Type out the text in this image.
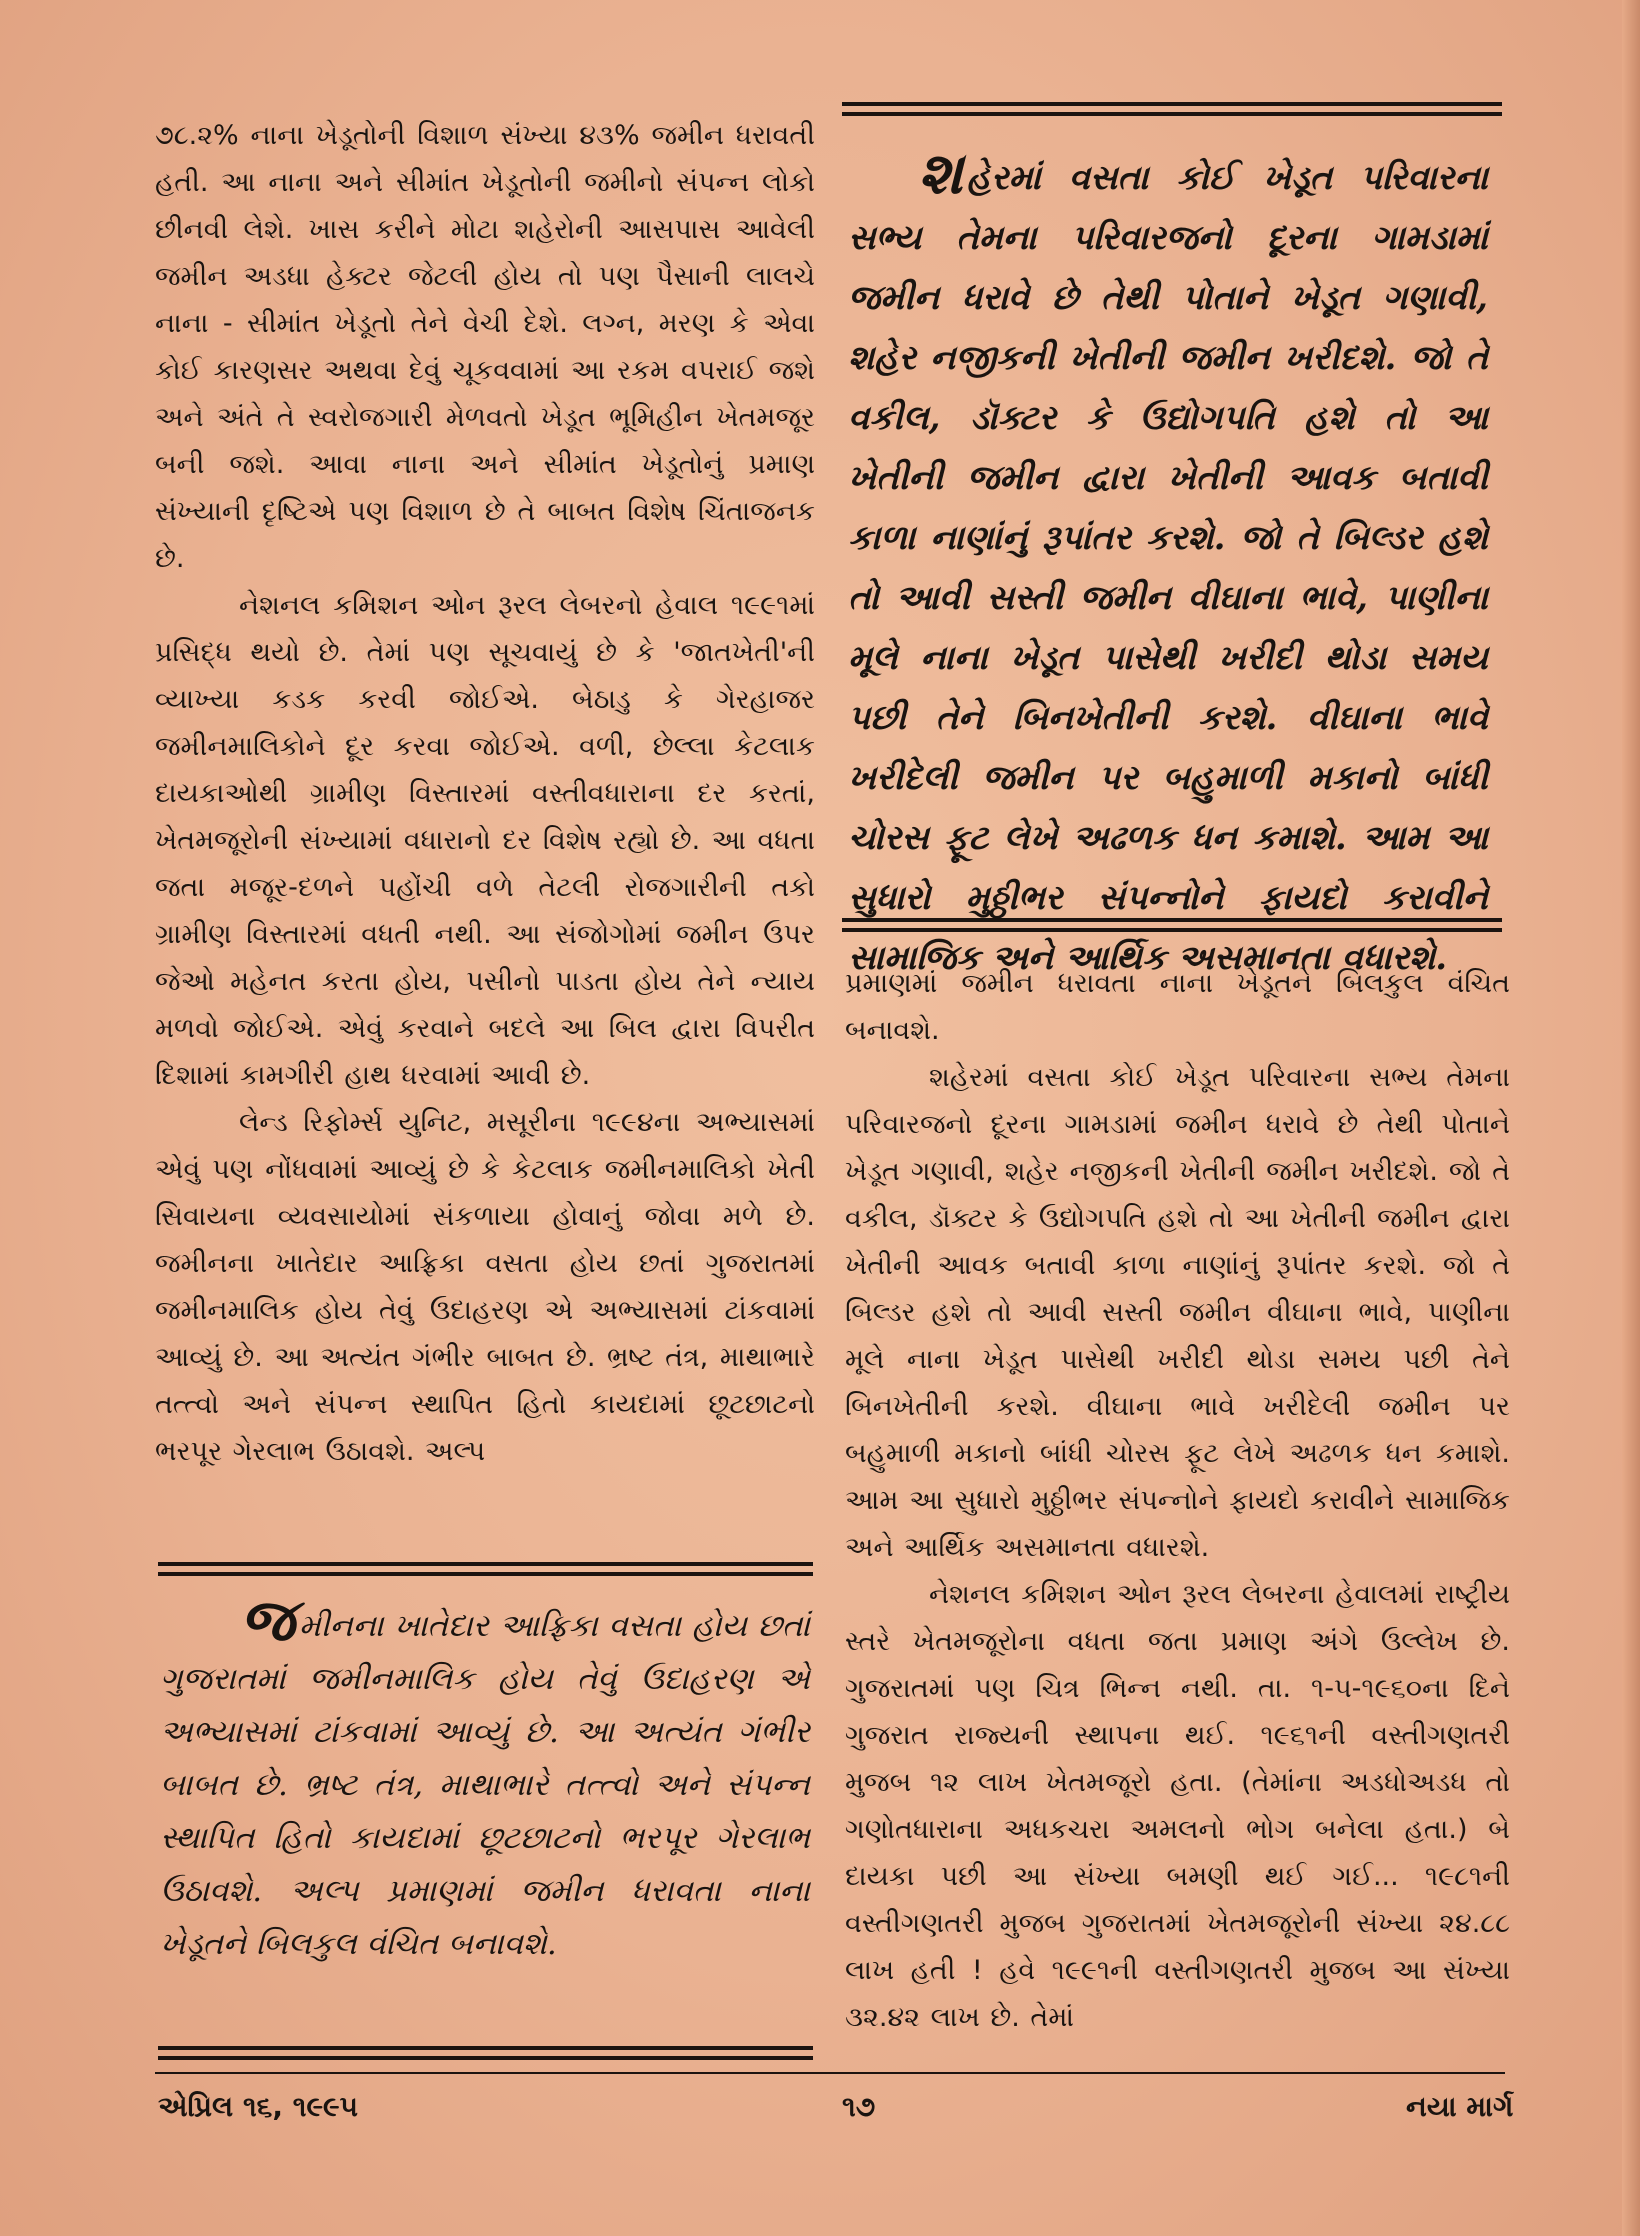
૭૮.૨% નાના ખેડૂતોની વિશાળ સંખ્યા ૪૩% જમીન ધરાવતી હતી. આ નાના અને સીમાંત ખેડૂતોની જમીનો સંપન્ન લોકો છીનવી લેશે. ખાસ કરીને મોટા શહેરોની આસપાસ આવેલી જમીન અડધા હેક્ટર જેટલી હોય તો પણ પૈસાની લાલચે નાના - સીમાંત ખેડૂતો તેને વેચી દેશે. લગ્ન, મરણ કે એવા કોઈ કારણસર અથવા દેવું ચૂકવવામાં આ રકમ વપરાઈ જશે અને અંતે તે સ્વરોજગારી મેળવતો ખેડૂત ભૂમિહીન ખેતમજૂર બની જશે. આવા નાના અને સીમાંત ખેડૂતોનું પ્રમાણ સંખ્યાની દૃષ્ટિએ પણ વિશાળ છે તે બાબત વિશેષ ચિંતાજનક છે.

નેશનલ કમિશન ઓન રૂરલ લેબરનો હેવાલ ૧૯૯૧માં પ્રસિદ્ધ થયો છે. તેમાં પણ સૂચવાયું છે કે 'જાતખેતી'ની વ્યાખ્યા કડક કરવી જોઈએ. બેઠાડુ કે ગેરહાજર જમીનમાલિકોને દૂર કરવા જોઈએ. વળી, છેલ્લા કેટલાક દાયકાઓથી ગ્રામીણ વિસ્તારમાં વસ્તીવધારાના દર કરતાં, ખેતમજૂરોની સંખ્યામાં વધારાનો દર વિશેષ રહ્યો છે. આ વધતા જતા મજૂર-દળને પહોંચી વળે તેટલી રોજગારીની તકો ગ્રામીણ વિસ્તારમાં વધતી નથી. આ સંજોગોમાં જમીન ઉપર જેઓ મહેનત કરતા હોય, પસીનો પાડતા હોય તેને ન્યાય મળવો જોઈએ. એવું કરવાને બદલે આ બિલ દ્વારા વિપરીત દિશામાં કામગીરી હાથ ધરવામાં આવી છે.

લેન્ડ રિફોર્મ્સ યુનિટ, મસૂરીના ૧૯૯૪ના અભ્યાસમાં એવું પણ નોંધવામાં આવ્યું છે કે કેટલાક જમીનમાલિકો ખેતી સિવાયના વ્યવસાયોમાં સંકળાયા હોવાનું જોવા મળે છે. જમીનના ખાતેદાર આફ્રિકા વસતા હોય છતાં ગુજરાતમાં જમીનમાલિક હોય તેવું ઉદાહરણ એ અભ્યાસમાં ટાંકવામાં આવ્યું છે. આ અત્યંત ગંભીર બાબત છે. ભ્રષ્ટ તંત્ર, માથાભારે તત્ત્વો અને સંપન્ન સ્થાપિત હિતો કાયદામાં છૂટછાટનો ભરપૂર ગેરલાભ ઉઠાવશે. અલ્પ

શહેરમાં વસતા કોઈ ખેડૂત પરિવારના સભ્ય તેમના પરિવારજનો દૂરના ગામડામાં જમીન ધરાવે છે તેથી પોતાને ખેડૂત ગણાવી, શહેર નજીકની ખેતીની જમીન ખરીદશે. જો તે વકીલ, ડૉક્ટર કે ઉદ્યોગપતિ હશે તો આ ખેતીની જમીન દ્વારા ખેતીની આવક બતાવી કાળા નાણાંનું રૂપાંતર કરશે. જો તે બિલ્ડર હશે તો આવી સસ્તી જમીન વીઘાના ભાવે, પાણીના મૂલે નાના ખેડૂત પાસેથી ખરીદી થોડા સમય પછી તેને બિનખેતીની કરશે. વીઘાના ભાવે ખરીદેલી જમીન પર બહુમાળી મકાનો બાંધી ચોરસ ફૂટ લેખે અઢળક ધન કમાશે. આમ આ સુધારો મુઠ્ઠીભર સંપન્નોને ફાયદો કરાવીને સામાજિક અને આર્થિક અસમાનતા વધારશે.

પ્રમાણમાં જમીન ધરાવતા નાના ખેડૂતને બિલકુલ વંચિત બનાવશે.

શહેરમાં વસતા કોઈ ખેડૂત પરિવારના સભ્ય તેમના પરિવારજનો દૂરના ગામડામાં જમીન ધરાવે છે તેથી પોતાને ખેડૂત ગણાવી, શહેર નજીકની ખેતીની જમીન ખરીદશે. જો તે વકીલ, ડૉક્ટર કે ઉદ્યોગપતિ હશે તો આ ખેતીની જમીન દ્વારા ખેતીની આવક બતાવી કાળા નાણાંનું રૂપાંતર કરશે. જો તે બિલ્ડર હશે તો આવી સસ્તી જમીન વીઘાના ભાવે, પાણીના મૂલે નાના ખેડૂત પાસેથી ખરીદી થોડા સમય પછી તેને બિનખેતીની કરશે. વીઘાના ભાવે ખરીદેલી જમીન પર બહુમાળી મકાનો બાંધી ચોરસ ફૂટ લેખે અઢળક ધન કમાશે. આમ આ સુધારો મુઠ્ઠીભર સંપન્નોને ફાયદો કરાવીને સામાજિક અને આર્થિક અસમાનતા વધારશે.

નેશનલ કમિશન ઓન રૂરલ લેબરના હેવાલમાં રાષ્ટ્રીય સ્તરે ખેતમજૂરોના વધતા જતા પ્રમાણ અંગે ઉલ્લેખ છે. ગુજરાતમાં પણ ચિત્ર ભિન્ન નથી. તા. ૧-૫-૧૯૬૦ના દિને ગુજરાત રાજ્યની સ્થાપના થઈ. ૧૯૬૧ની વસ્તીગણતરી મુજબ ૧૨ લાખ ખેતમજૂરો હતા. (તેમાંના અડધોઅડધ તો ગણોતધારાના અધકચરા અમલનો ભોગ બનેલા હતા.) બે દાયકા પછી આ સંખ્યા બમણી થઈ ગઈ... ૧૯૮૧ની વસ્તીગણતરી મુજબ ગુજરાતમાં ખેતમજૂરોની સંખ્યા ૨૪.૮૮ લાખ હતી ! હવે ૧૯૯૧ની વસ્તીગણતરી મુજબ આ સંખ્યા ૩૨.૪૨ લાખ છે. તેમાં

જમીનના ખાતેદાર આફ્રિકા વસતા હોય છતાં ગુજરાતમાં જમીનમાલિક હોય તેવું ઉદાહરણ એ અભ્યાસમાં ટાંકવામાં આવ્યું છે. આ અત્યંત ગંભીર બાબત છે. ભ્રષ્ટ તંત્ર, માથાભારે તત્ત્વો અને સંપન્ન સ્થાપિત હિતો કાયદામાં છૂટછાટનો ભરપૂર ગેરલાભ ઉઠાવશે. અલ્પ પ્રમાણમાં જમીન ધરાવતા નાના ખેડૂતને બિલકુલ વંચિત બનાવશે.
એપ્રિલ ૧૬, ૧૯૯૫	૧૭	નયા માર્ગ
